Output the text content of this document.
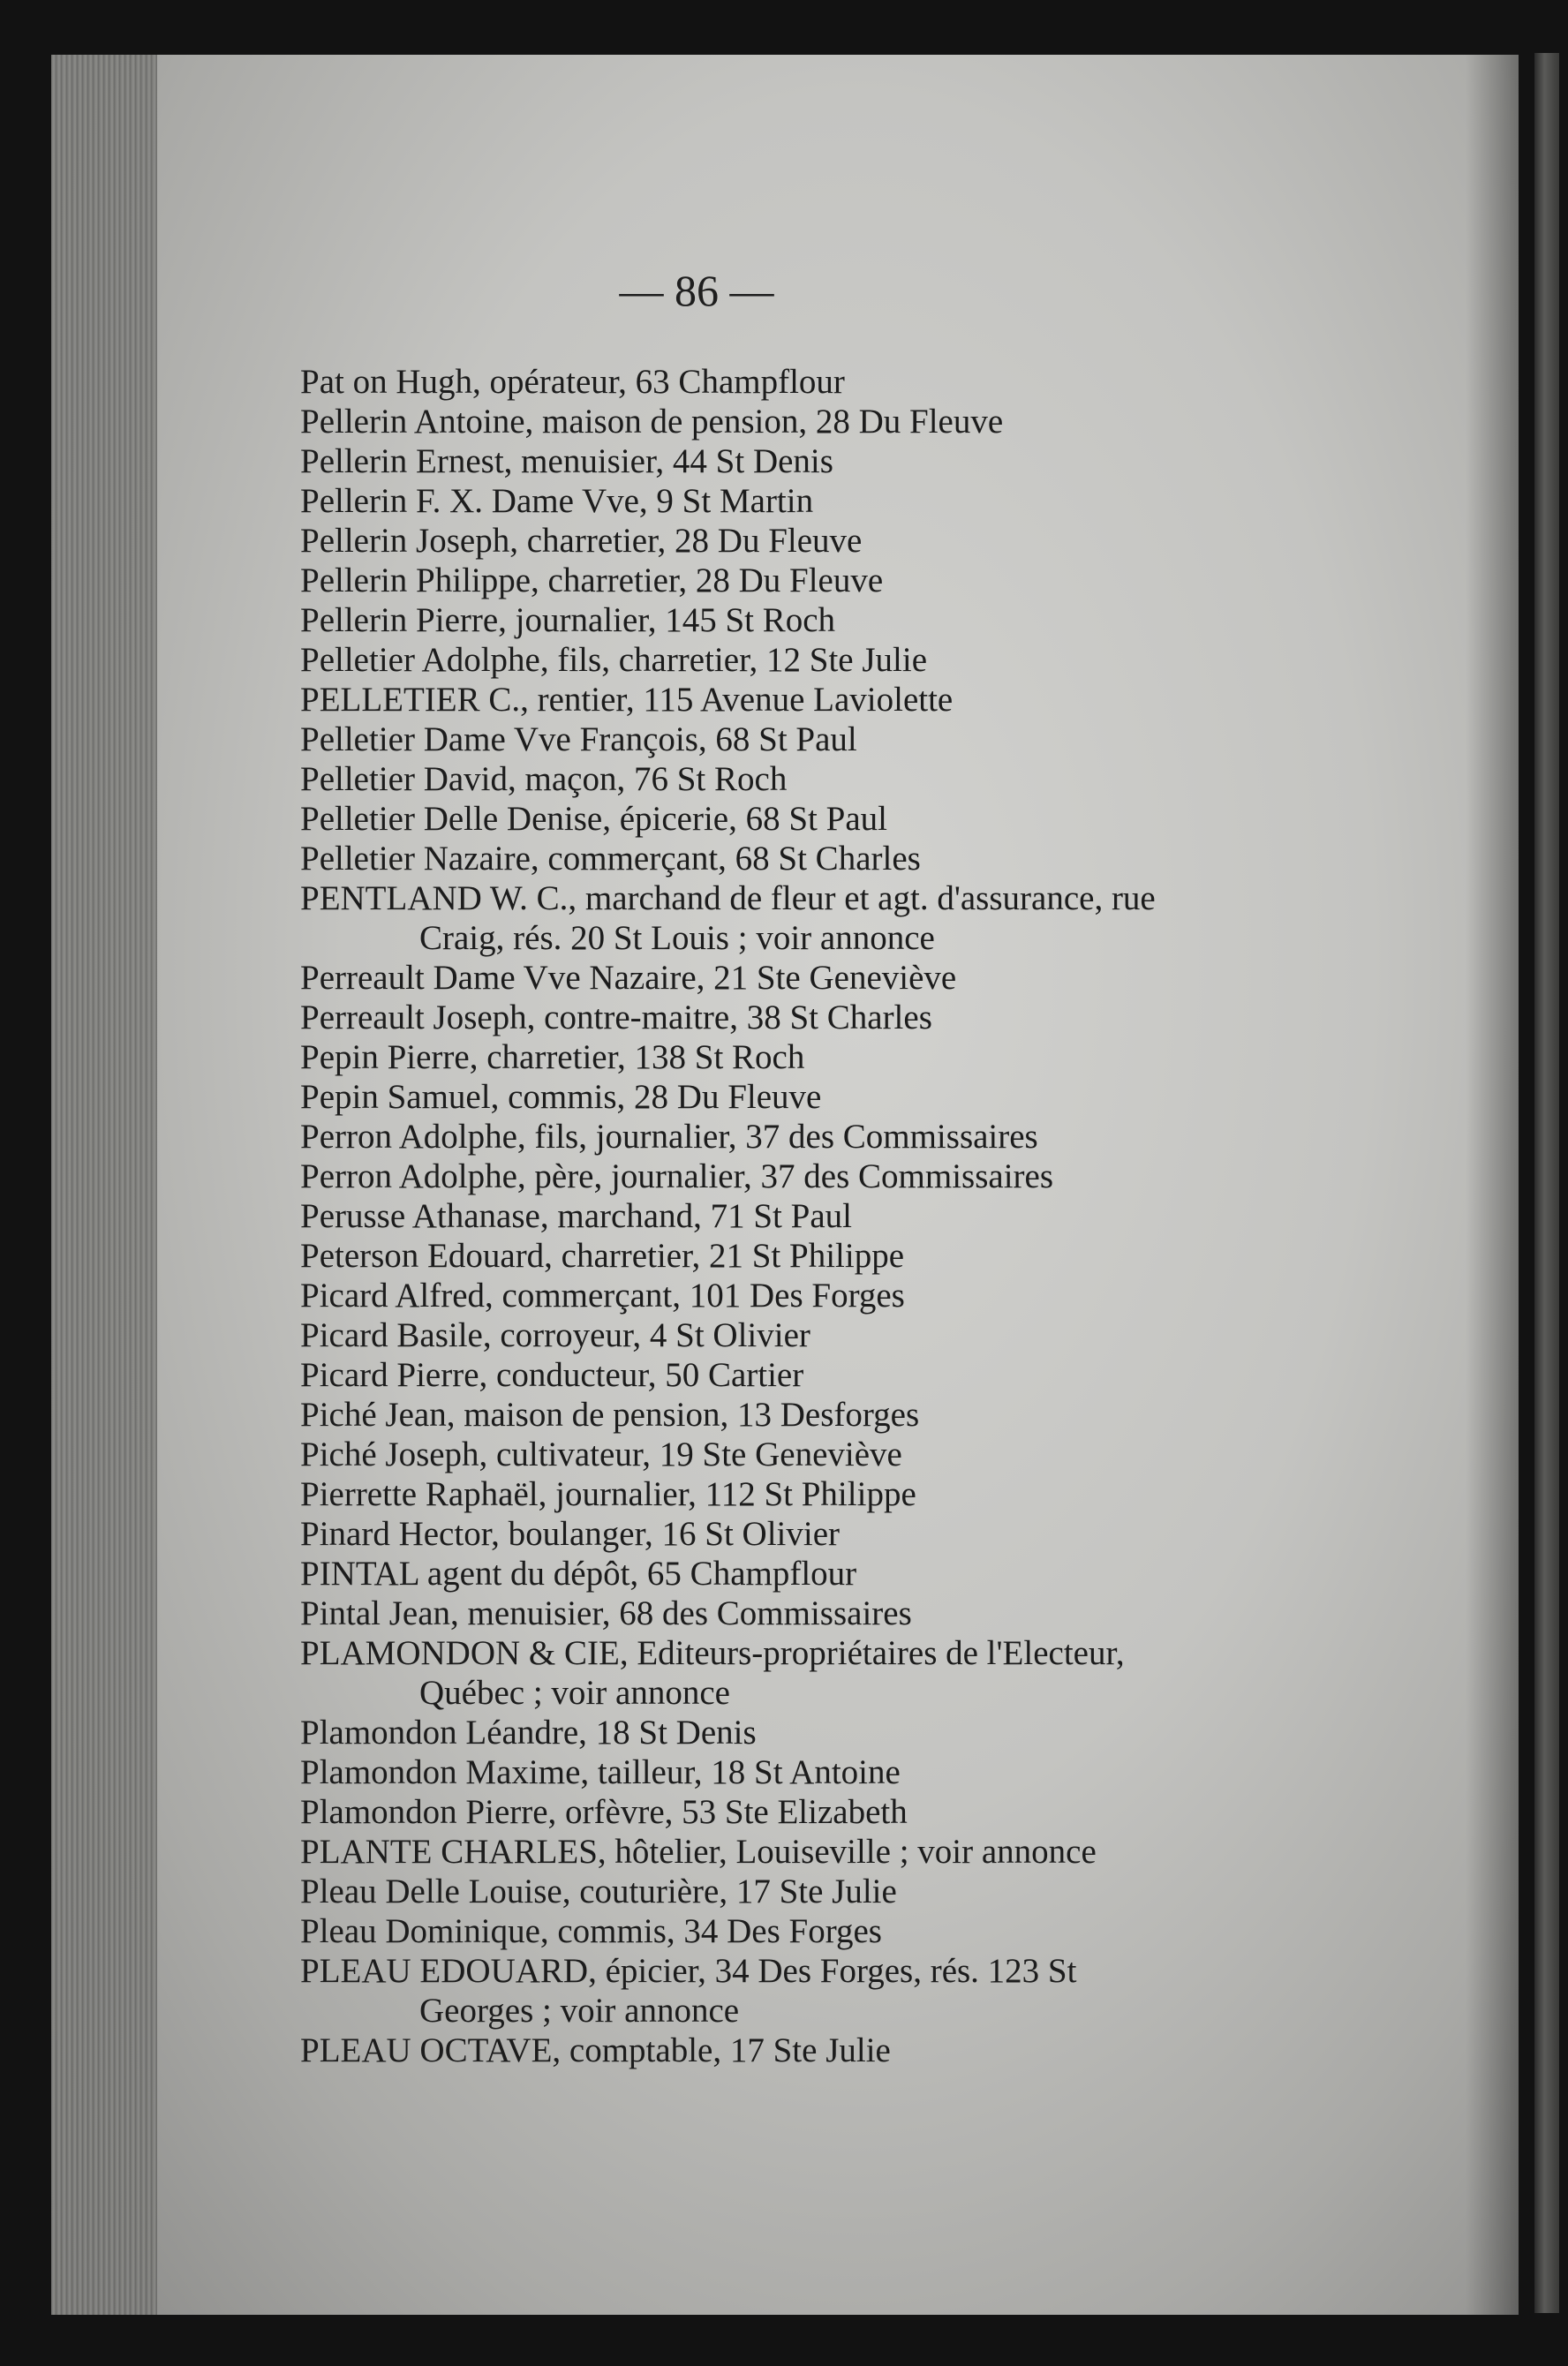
— 86 —
Pat on Hugh, opérateur, 63 Champflour
Pellerin Antoine, maison de pension, 28 Du Fleuve
Pellerin Ernest, menuisier, 44 St Denis
Pellerin F. X. Dame Vve, 9 St Martin
Pellerin Joseph, charretier, 28 Du Fleuve
Pellerin Philippe, charretier, 28 Du Fleuve
Pellerin Pierre, journalier, 145 St Roch
Pelletier Adolphe, fils, charretier, 12 Ste Julie
PELLETIER C., rentier, 115 Avenue Laviolette
Pelletier Dame Vve François, 68 St Paul
Pelletier David, maçon, 76 St Roch
Pelletier Delle Denise, épicerie, 68 St Paul
Pelletier Nazaire, commerçant, 68 St Charles
PENTLAND W. C., marchand de fleur et agt. d'assurance, rue
Craig, rés. 20 St Louis ; voir annonce
Perreault Dame Vve Nazaire, 21 Ste Geneviève
Perreault Joseph, contre-maitre, 38 St Charles
Pepin Pierre, charretier, 138 St Roch
Pepin Samuel, commis, 28 Du Fleuve
Perron Adolphe, fils, journalier, 37 des Commissaires
Perron Adolphe, père, journalier, 37 des Commissaires
Perusse Athanase, marchand, 71 St Paul
Peterson Edouard, charretier, 21 St Philippe
Picard Alfred, commerçant, 101 Des Forges
Picard Basile, corroyeur, 4 St Olivier
Picard Pierre, conducteur, 50 Cartier
Piché Jean, maison de pension, 13 Desforges
Piché Joseph, cultivateur, 19 Ste Geneviève
Pierrette Raphaël, journalier, 112 St Philippe
Pinard Hector, boulanger, 16 St Olivier
PINTAL agent du dépôt, 65 Champflour
Pintal Jean, menuisier, 68 des Commissaires
PLAMONDON & CIE, Editeurs-propriétaires de l'Electeur,
Québec ; voir annonce
Plamondon Léandre, 18 St Denis
Plamondon Maxime, tailleur, 18 St Antoine
Plamondon Pierre, orfèvre, 53 Ste Elizabeth
PLANTE CHARLES, hôtelier, Louiseville ; voir annonce
Pleau Delle Louise, couturière, 17 Ste Julie
Pleau Dominique, commis, 34 Des Forges
PLEAU EDOUARD, épicier, 34 Des Forges, rés. 123 St
Georges ; voir annonce
PLEAU OCTAVE, comptable, 17 Ste Julie
